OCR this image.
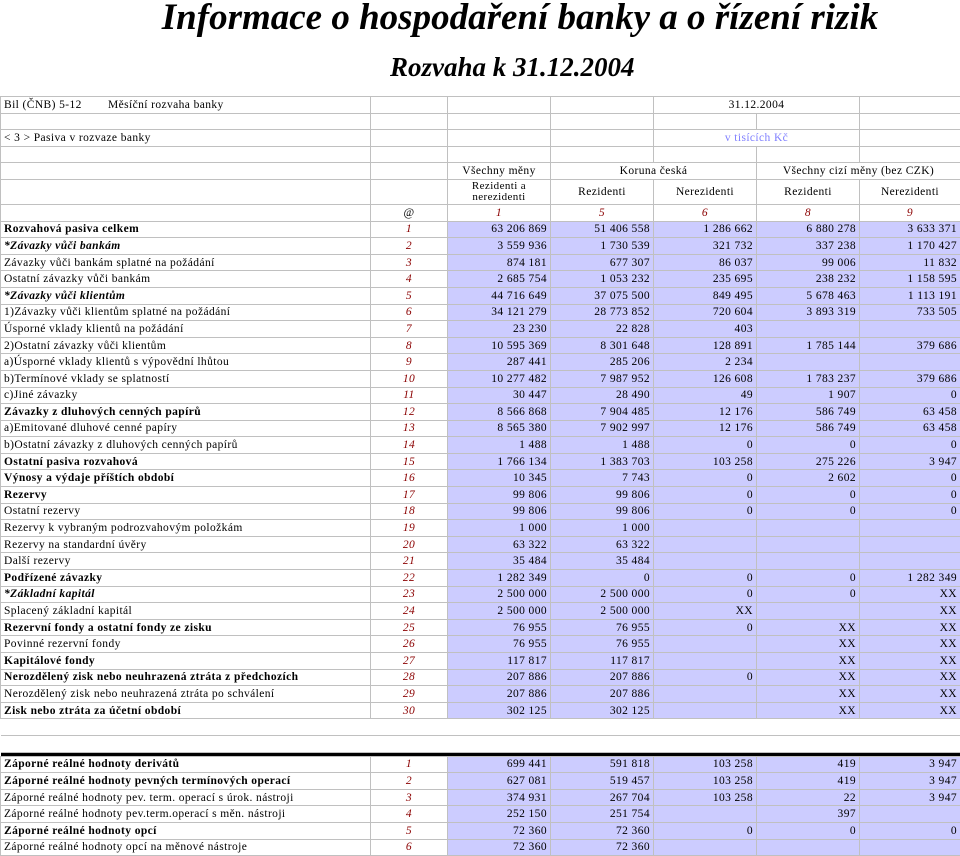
Informace o hospodaření banky a o řízení rizik
Rozvaha k 31.12.2004
Bil (ČNB) 5-12 Měsíční rozvaha banky				31.12.2004		

< 3 > Pasiva v rozvaze banky				v tisících Kč		

		Všechny měny	Koruna česká		Všechny cizí měny (bez CZK)	
		Rezidenti a nerezidenti	Rezidenti	Nerezidenti	Rezidenti	Nerezidenti
	@	1	5	6	8	9
Rozvahová pasiva celkem	1	63 206 869	51 406 558	1 286 662	6 880 278	3 633 371
*Závazky vůči bankám	2	3 559 936	1 730 539	321 732	337 238	1 170 427
Závazky vůči bankám splatné na požádání	3	874 181	677 307	86 037	99 006	11 832
Ostatní závazky vůči bankám	4	2 685 754	1 053 232	235 695	238 232	1 158 595
*Závazky vůči klientům	5	44 716 649	37 075 500	849 495	5 678 463	1 113 191
1)Závazky vůči klientům splatné na požádání	6	34 121 279	28 773 852	720 604	3 893 319	733 505
Úsporné vklady klientů na požádání	7	23 230	22 828	403		
2)Ostatní závazky vůči klientům	8	10 595 369	8 301 648	128 891	1 785 144	379 686
a)Úsporné vklady klientů s výpovědní lhůtou	9	287 441	285 206	2 234		
b)Termínové vklady se splatností	10	10 277 482	7 987 952	126 608	1 783 237	379 686
c)Jiné závazky	11	30 447	28 490	49	1 907	0
Závazky z dluhových cenných papírů	12	8 566 868	7 904 485	12 176	586 749	63 458
a)Emitované dluhové cenné papíry	13	8 565 380	7 902 997	12 176	586 749	63 458
b)Ostatní závazky z dluhových cenných papírů	14	1 488	1 488	0	0	0
Ostatní pasiva rozvahová	15	1 766 134	1 383 703	103 258	275 226	3 947
Výnosy a výdaje příštích období	16	10 345	7 743	0	2 602	0
Rezervy	17	99 806	99 806	0	0	0
Ostatní rezervy	18	99 806	99 806	0	0	0
Rezervy k vybraným podrozvahovým položkám	19	1 000	1 000			
Rezervy na standardní úvěry	20	63 322	63 322			
Další rezervy	21	35 484	35 484			
Podřízené závazky	22	1 282 349	0	0	0	1 282 349
*Základní kapitál	23	2 500 000	2 500 000	0	0	XX
Splacený základní kapitál	24	2 500 000	2 500 000	XX		XX
Rezervní fondy a ostatní fondy ze zisku	25	76 955	76 955	0	XX	XX
Povinné rezervní fondy	26	76 955	76 955		XX	XX
Kapitálové fondy	27	117 817	117 817		XX	XX
Nerozdělený zisk nebo neuhrazená ztráta z předchozích	28	207 886	207 886	0	XX	XX
Nerozdělený zisk nebo neuhrazená ztráta po schválení	29	207 886	207 886		XX	XX
Zisk nebo ztráta za účetní období	30	302 125	302 125		XX	XX

Záporné reálné hodnoty derivátů	1	699 441	591 818	103 258	419	3 947
Záporné reálné hodnoty pevných termínových operací	2	627 081	519 457	103 258	419	3 947
Záporné reálné hodnoty pev. term. operací s úrok. nástroji	3	374 931	267 704	103 258	22	3 947
Záporné reálné hodnoty pev.term.operací s měn. nástroji	4	252 150	251 754		397	
Záporné reálné hodnoty opcí	5	72 360	72 360	0	0	0
Záporné reálné hodnoty opcí na měnové nástroje	6	72 360	72 360			
